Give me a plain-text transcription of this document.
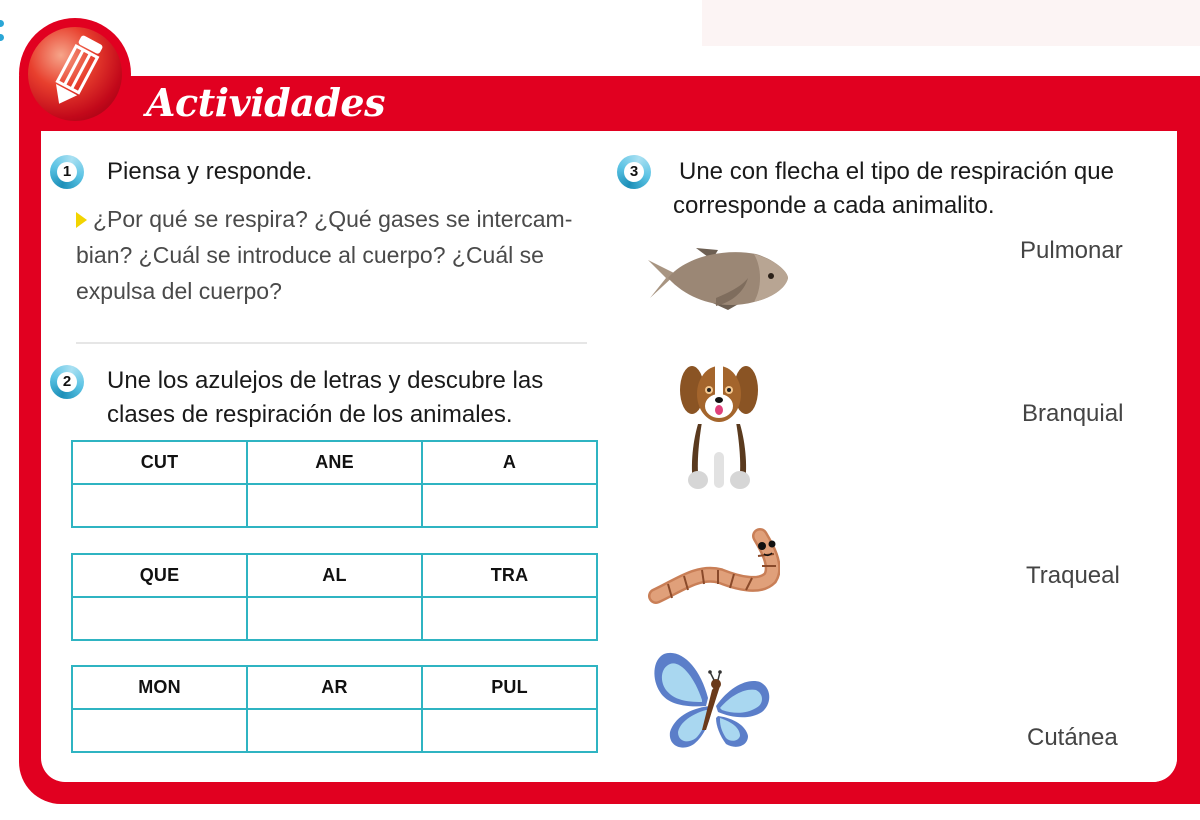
Actividades
1 Piensa y responde.
¿Por qué se respira? ¿Qué gases se intercam-
bian? ¿Cuál se introduce al cuerpo? ¿Cuál se
expulsa del cuerpo?
2 Une los azulejos de letras y descubre las
clases de respiración de los animales.
CUT	ANE	A

QUE	AL	TRA

MON	AR	PUL

3 Une con flecha el tipo de respiración que
corresponde a cada animalito.
Pulmonar
Branquial
Traqueal
Cutánea
